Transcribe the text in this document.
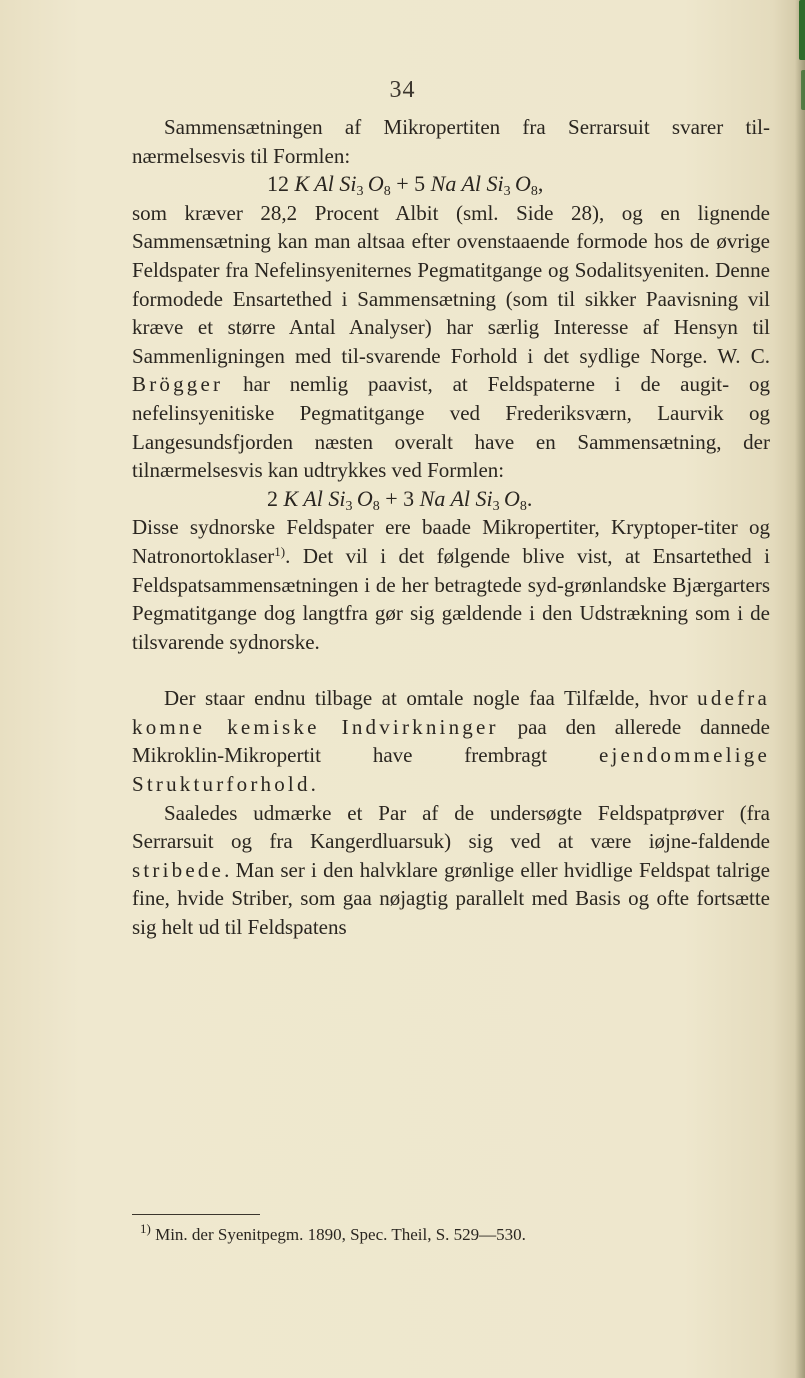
34

Sammensætningen af Mikropertiten fra Serrarsuit svarer til-nærmelsesvis til Formlen:

12 K Al $Si_3$  $O_8 + 5$ Na Al $Si_3$  $O_8$,

som kræver 28,2 Procent Albit (sml. Side 28), og en lignende Sammensætning kan man altsaa efter ovenstaaende formode hos de øvrige Feldspater fra Nefelinsyeniternes Pegmatitgange og Sodalitsyeniten. Denne formodede Ensartethed i Sammensætning (som til sikker Paavisning vil kræve et større Antal Analyser) har særlig Interesse af Hensyn til Sammenligningen med til-svarende Forhold i det sydlige Norge. W. C. Brögger har nemlig paavist, at Feldspaterne i de augit- og nefelinsyenitiske Pegmatitgange ved Frederiksværn, Laurvik og Langesundsfjorden næsten overalt have en Sammensætning, der tilnærmelsesvis kan udtrykkes ved Formlen:

2 K Al $Si_3$  $O_8 + 3$ Na Al $Si_3$  $O_8$.

Disse sydnorske Feldspater ere baade Mikropertiter, Kryptoper-titer og Natronortoklaser$^{1)}$. Det vil i det følgende blive vist, at Ensartethed i Feldspatsammensætningen i de her betragtede syd-grønlandske Bjærgarters Pegmatitgange dog langtfra gør sig gældende i den Udstrækning som i de tilsvarende sydnorske.

Der staar endnu tilbage at omtale nogle faa Tilfælde, hvor udefra komne kemiske Indvirkninger paa den allerede dannede Mikroklin-Mikropertit have frembragt ejendommelige Strukturforhold.

Saaledes udmærke et Par af de undersøgte Feldspatprøver (fra Serrarsuit og fra Kangerdluarsuk) sig ved at være iøjne-faldende stribede. Man ser i den halvklare grønlige eller hvidlige Feldspat talrige fine, hvide Striber, som gaa nøjagtig parallelt med Basis og ofte fortsætte sig helt ud til Feldspatens

$^{1)}$ Min. der Syenitpegm. 1890, Spec. Theil, S. 529—530.
